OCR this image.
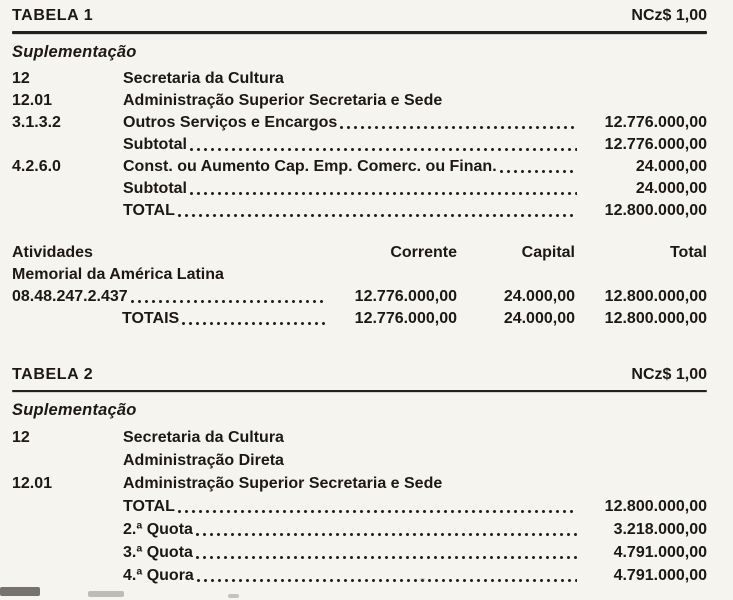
TABELA 1	NCz$ 1,00
Suplementação
12	Secretaria da Cultura
12.01	Administração Superior Secretaria e Sede
3.1.3.2	Outros Serviços e Encargos	12.776.000,00
Subtotal	12.776.000,00
4.2.6.0	Const. ou Aumento Cap. Emp. Comerc. ou Finan.	24.000,00
Subtotal	24.000,00
TOTAL	12.800.000,00
Atividades	Corrente	Capital	Total
Memorial da América Latina
08.48.247.2.437	12.776.000,00	24.000,00	12.800.000,00
TOTAIS	12.776.000,00	24.000,00	12.800.000,00
TABELA 2	NCz$ 1,00
Suplementação
12	Secretaria da Cultura
Administração Direta
12.01	Administração Superior Secretaria e Sede
TOTAL	12.800.000,00
2.ª Quota	3.218.000,00
3.ª Quota	4.791.000,00
4.ª Quora	4.791.000,00
